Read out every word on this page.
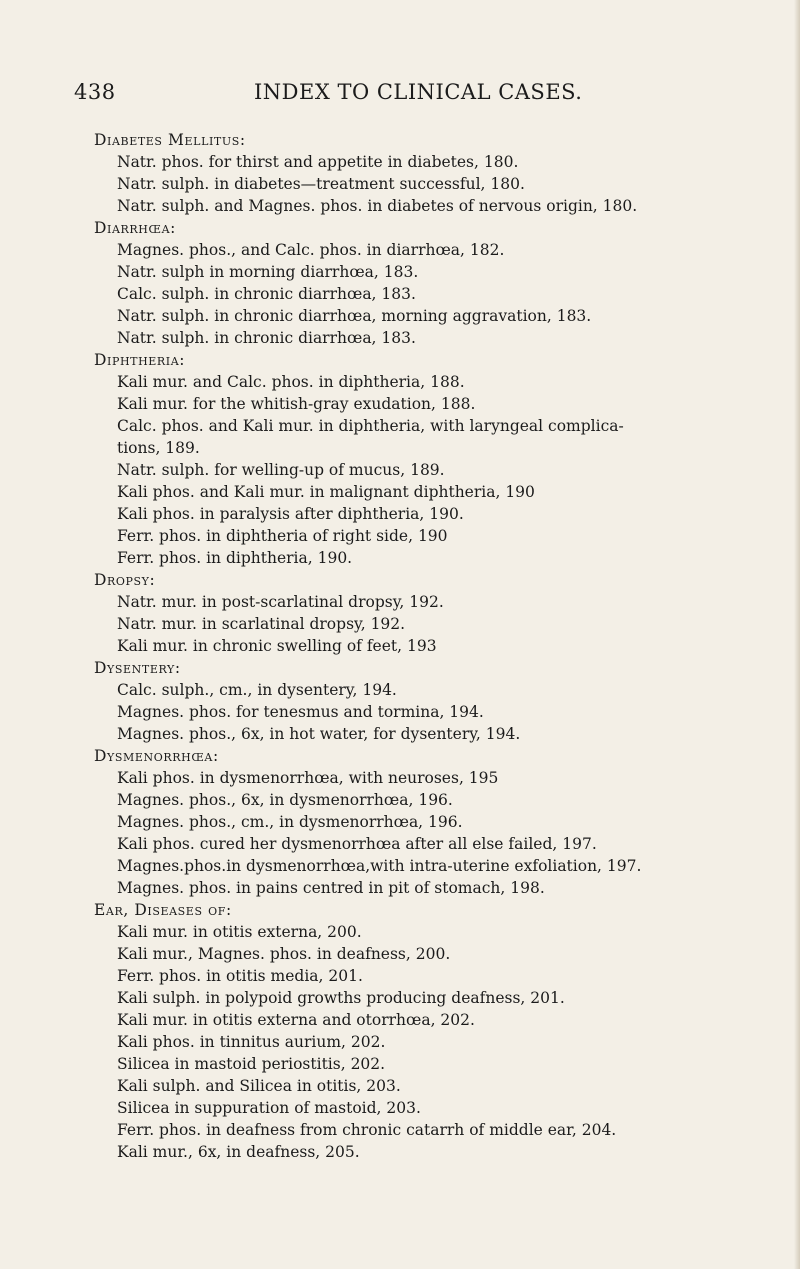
438	INDEX TO CLINICAL CASES.
Diabetes Mellitus:
Natr. phos. for thirst and appetite in diabetes, 180.
Natr. sulph. in diabetes—treatment successful, 180.
Natr. sulph. and Magnes. phos. in diabetes of nervous origin, 180.
Diarrhœa:
Magnes. phos., and Calc. phos. in diarrhœa, 182.
Natr. sulph in morning diarrhœa, 183.
Calc. sulph. in chronic diarrhœa, 183.
Natr. sulph. in chronic diarrhœa, morning aggravation, 183.
Natr. sulph. in chronic diarrhœa, 183.
Diphtheria:
Kali mur. and Calc. phos. in diphtheria, 188.
Kali mur. for the whitish-gray exudation, 188.
Calc. phos. and Kali mur. in diphtheria, with laryngeal complica-
tions, 189.
Natr. sulph. for welling-up of mucus, 189.
Kali phos. and Kali mur. in malignant diphtheria, 190
Kali phos. in paralysis after diphtheria, 190.
Ferr. phos. in diphtheria of right side, 190
Ferr. phos. in diphtheria, 190.
Dropsy:
Natr. mur. in post-scarlatinal dropsy, 192.
Natr. mur. in scarlatinal dropsy, 192.
Kali mur. in chronic swelling of feet, 193
Dysentery:
Calc. sulph., cm., in dysentery, 194.
Magnes. phos. for tenesmus and tormina, 194.
Magnes. phos., 6x, in hot water, for dysentery, 194.
Dysmenorrhœa:
Kali phos. in dysmenorrhœa, with neuroses, 195
Magnes. phos., 6x, in dysmenorrhœa, 196.
Magnes. phos., cm., in dysmenorrhœa, 196.
Kali phos. cured her dysmenorrhœa after all else failed, 197.
Magnes.phos.in dysmenorrhœa,with intra-uterine exfoliation, 197.
Magnes. phos. in pains centred in pit of stomach, 198.
Ear, Diseases of:
Kali mur. in otitis externa, 200.
Kali mur., Magnes. phos. in deafness, 200.
Ferr. phos. in otitis media, 201.
Kali sulph. in polypoid growths producing deafness, 201.
Kali mur. in otitis externa and otorrhœa, 202.
Kali phos. in tinnitus aurium, 202.
Silicea in mastoid periostitis, 202.
Kali sulph. and Silicea in otitis, 203.
Silicea in suppuration of mastoid, 203.
Ferr. phos. in deafness from chronic catarrh of middle ear, 204.
Kali mur., 6x, in deafness, 205.
